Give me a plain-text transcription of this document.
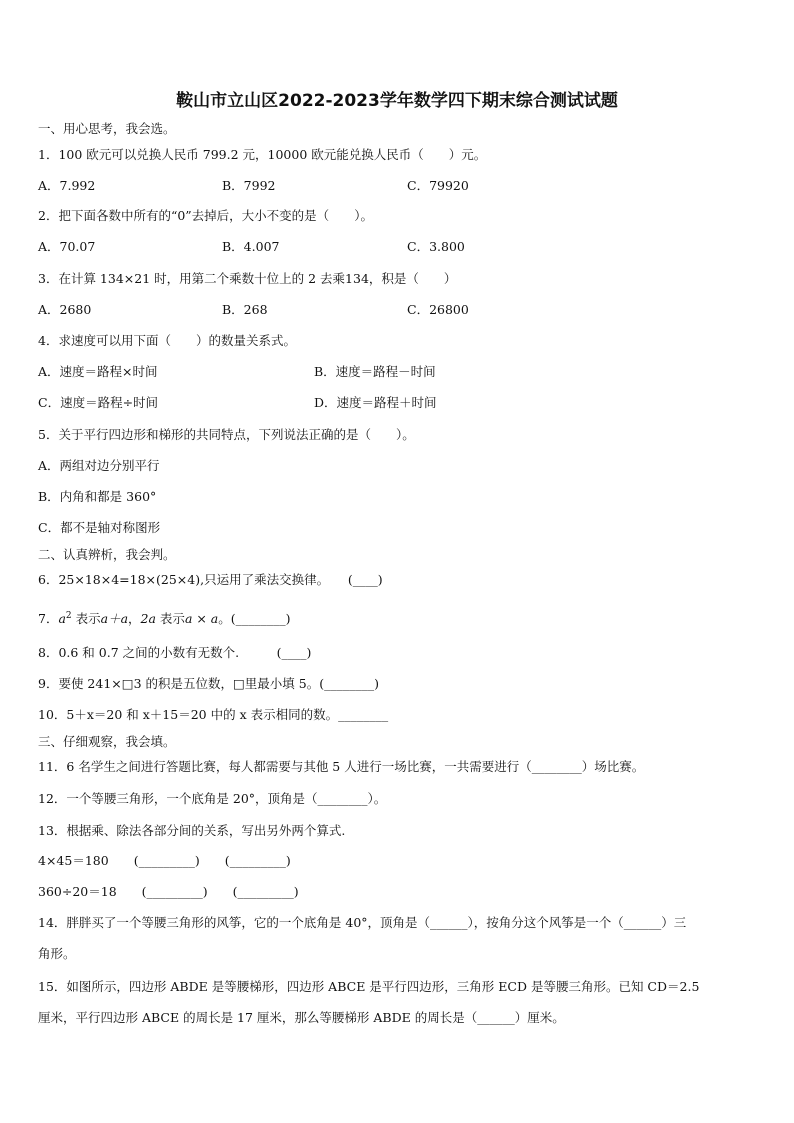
鞍山市立山区2022-2023学年数学四下期末综合测试试题
一、用心思考，我会选。
1．100 欧元可以兑换人民币 799.2 元，10000 欧元能兑换人民币（　　）元。
A．7.992	B．7992	C．79920
2．把下面各数中所有的“0”去掉后，大小不变的是（　　）。
A．70.07	B．4.007	C．3.800
3．在计算 134×21 时，用第二个乘数十位上的 2 去乘134，积是（　　）
A．2680	B．268	C．26800
4．求速度可以用下面（　　）的数量关系式。
A．速度＝路程×时间	B．速度＝路程－时间
C．速度＝路程÷时间	D．速度＝路程＋时间
5．关于平行四边形和梯形的共同特点，下列说法正确的是（　　）。
A．两组对边分别平行
B．内角和都是 360°
C．都不是轴对称图形
二、认真辨析，我会判。
6．25×18×4=18×(25×4),只运用了乘法交换律。　　(____)
7．$a^2$ 表示a＋a，2a 表示a × a。(________)
8．0.6 和 0.7 之间的小数有无数个.　　　(____)
9．要使 241×□3 的积是五位数，□里最小填 5。(________)
10．5＋x＝20 和 x＋15＝20 中的 x 表示相同的数。________
三、仔细观察，我会填。
11．6 名学生之间进行答题比赛，每人都需要与其他 5 人进行一场比赛，一共需要进行（________）场比赛。
12．一个等腰三角形，一个底角是 20°，顶角是（________）。
13．根据乘、除法各部分间的关系，写出另外两个算式.
4×45＝180　　(_________)　　(_________)
360÷20＝18　　(_________)　　(_________)
14．胖胖买了一个等腰三角形的风筝，它的一个底角是 40°，顶角是（______），按角分这个风筝是一个（______）三
角形。
15．如图所示，四边形 ABDE 是等腰梯形，四边形 ABCE 是平行四边形，三角形 ECD 是等腰三角形。已知 CD＝2.5
厘米，平行四边形 ABCE 的周长是 17 厘米，那么等腰梯形 ABDE 的周长是（______）厘米。
